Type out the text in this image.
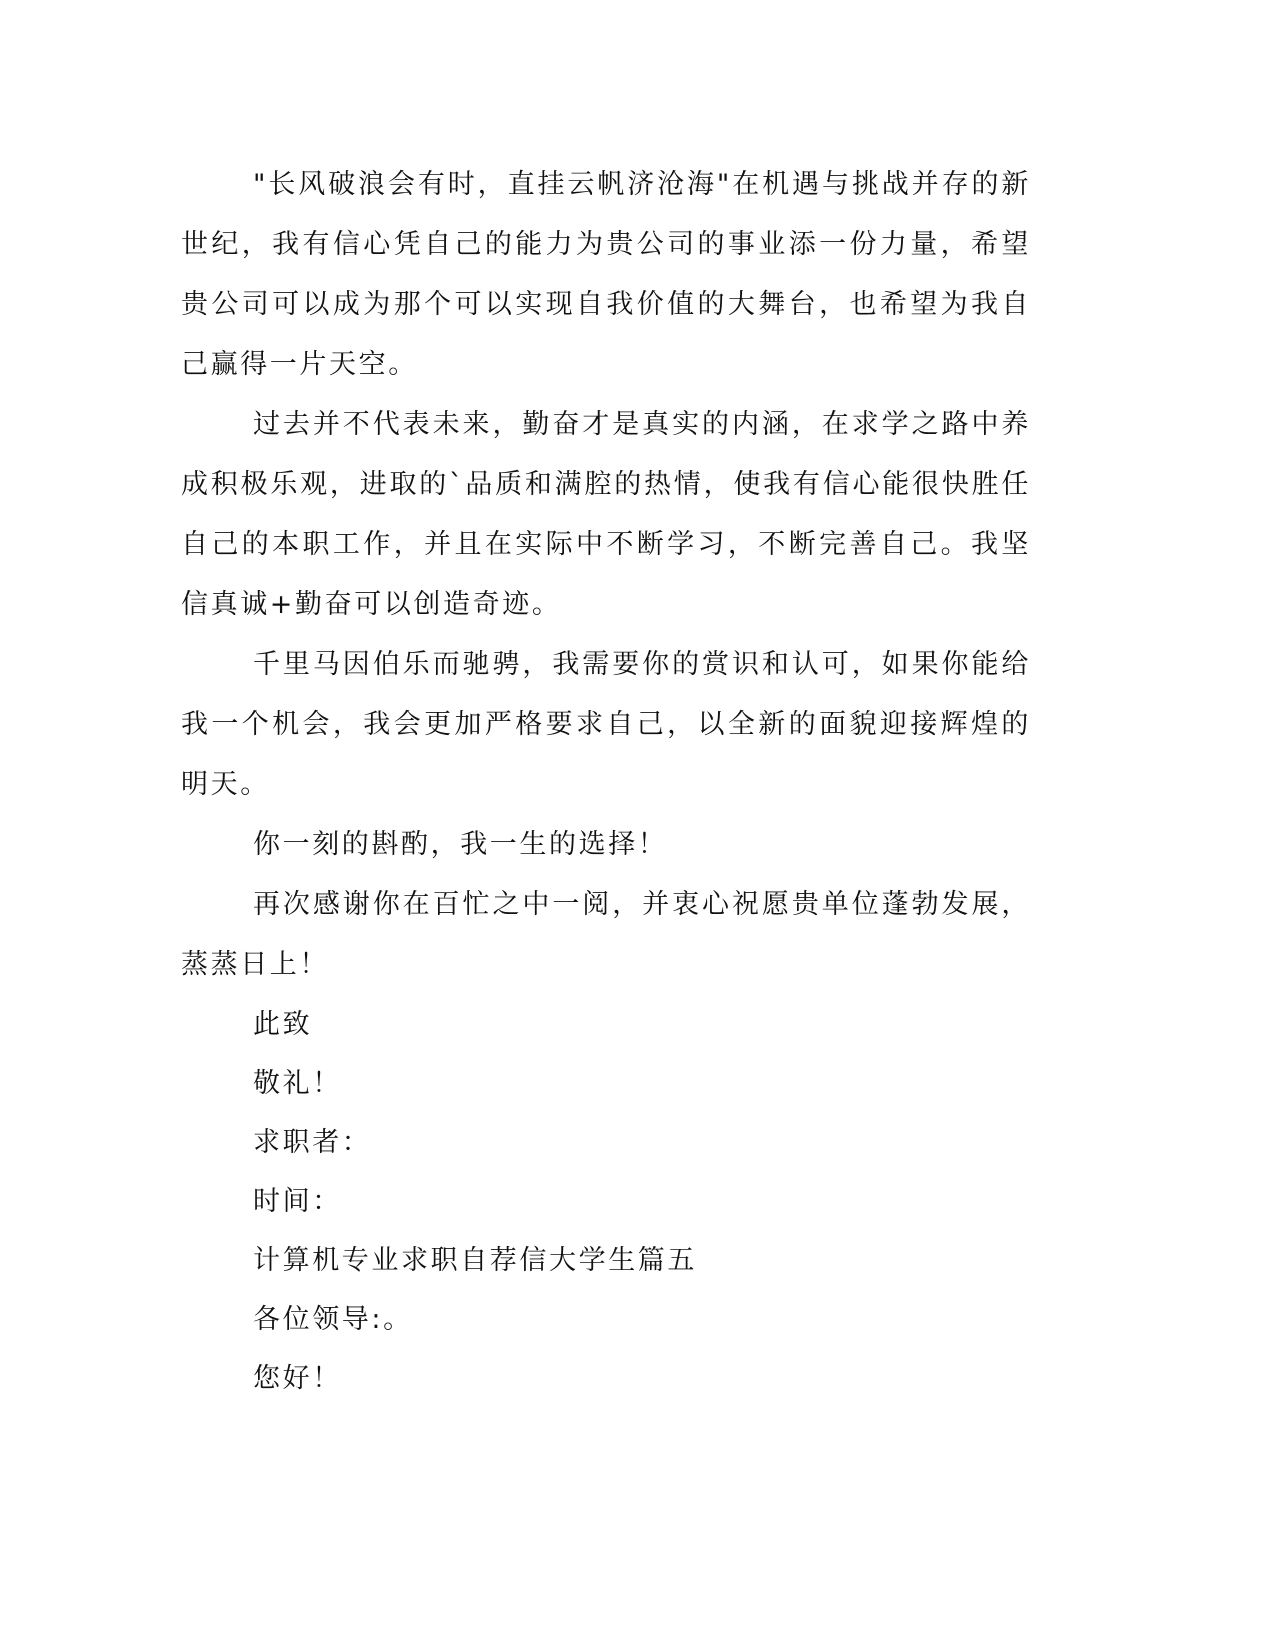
"长风破浪会有时，直挂云帆济沧海"在机遇与挑战并存的新世纪，我有信心凭自己的能力为贵公司的事业添一份力量，希望贵公司可以成为那个可以实现自我价值的大舞台，也希望为我自己赢得一片天空。

过去并不代表未来，勤奋才是真实的内涵，在求学之路中养成积极乐观，进取的`品质和满腔的热情，使我有信心能很快胜任自己的本职工作，并且在实际中不断学习，不断完善自己。我坚信真诚+勤奋可以创造奇迹。

千里马因伯乐而驰骋，我需要你的赏识和认可，如果你能给我一个机会，我会更加严格要求自己，以全新的面貌迎接辉煌的明天。

你一刻的斟酌，我一生的选择！

再次感谢你在百忙之中一阅，并衷心祝愿贵单位蓬勃发展，蒸蒸日上！

此致

敬礼！

求职者：

时间：

计算机专业求职自荐信大学生篇五

各位领导:。

您好！
